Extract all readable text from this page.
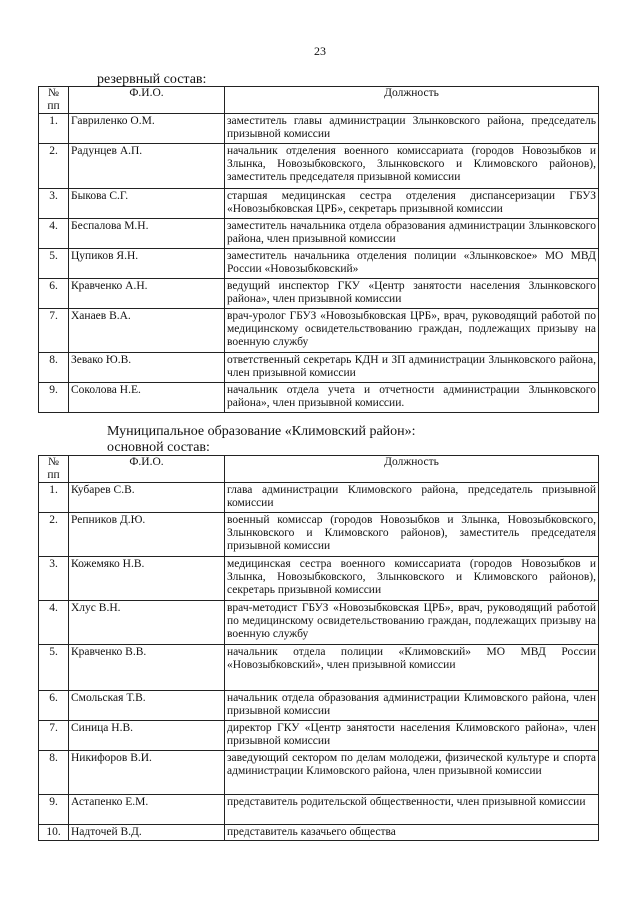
23
резервный состав:
№ пп	Ф.И.О.	Должность
1.	Гавриленко О.М.	заместитель главы администрации Злынковского района, председатель призывной комиссии
2.	Радунцев А.П.	начальник отделения военного комиссариата (городов Новозыбков и Злынка, Новозыбковского, Злынковского и Климовского районов), заместитель председателя призывной комиссии
3.	Быкова С.Г.	старшая медицинская сестра отделения диспансеризации ГБУЗ «Новозыбковская ЦРБ», секретарь призывной комиссии
4.	Беспалова М.Н.	заместитель начальника отдела образования администрации Злынковского района, член призывной комиссии
5.	Цупиков Я.Н.	заместитель начальника отделения полиции «Злынковское» МО МВД России «Новозыбковский»
6.	Кравченко А.Н.	ведущий инспектор ГКУ «Центр занятости населения Злынковского района», член призывной комиссии
7.	Ханаев В.А.	врач-уролог ГБУЗ «Новозыбковская ЦРБ», врач, руководящий работой по медицинскому освидетельствованию граждан, подлежащих призыву на военную службу
8.	Зевако Ю.В.	ответственный секретарь КДН и ЗП администрации Злынковского района, член призывной комиссии
9.	Соколова Н.Е.	начальник отдела учета и отчетности администрации Злынковского района», член призывной комиссии.
Муниципальное образование «Климовский район»:
основной состав:
№ пп	Ф.И.О.	Должность
1.	Кубарев С.В.	глава администрации Климовского района, председатель призывной комиссии
2.	Репников Д.Ю.	военный комиссар (городов Новозыбков и Злынка, Новозыбковского, Злынковского и Климовского районов), заместитель председателя призывной комиссии
3.	Кожемяко Н.В.	медицинская сестра военного комиссариата (городов Новозыбков и Злынка, Новозыбковского, Злынковского и Климовского районов), секретарь призывной комиссии
4.	Хлус В.Н.	врач-методист ГБУЗ «Новозыбковская ЦРБ», врач, руководящий работой по медицинскому освидетельствованию граждан, подлежащих призыву на военную службу
5.	Кравченко В.В.	начальник отдела полиции «Климовский» МО МВД России «Новозыбковский», член призывной комиссии
6.	Смольская Т.В.	начальник отдела образования администрации Климовского района, член призывной комиссии
7.	Синица Н.В.	директор ГКУ «Центр занятости населения Климовского района», член призывной комиссии
8.	Никифоров В.И.	заведующий сектором по делам молодежи, физической культуре и спорта администрации Климовского района, член призывной комиссии
9.	Астапенко Е.М.	представитель родительской общественности, член призывной комиссии
10.	Надточей В.Д.	представитель казачьего общества
